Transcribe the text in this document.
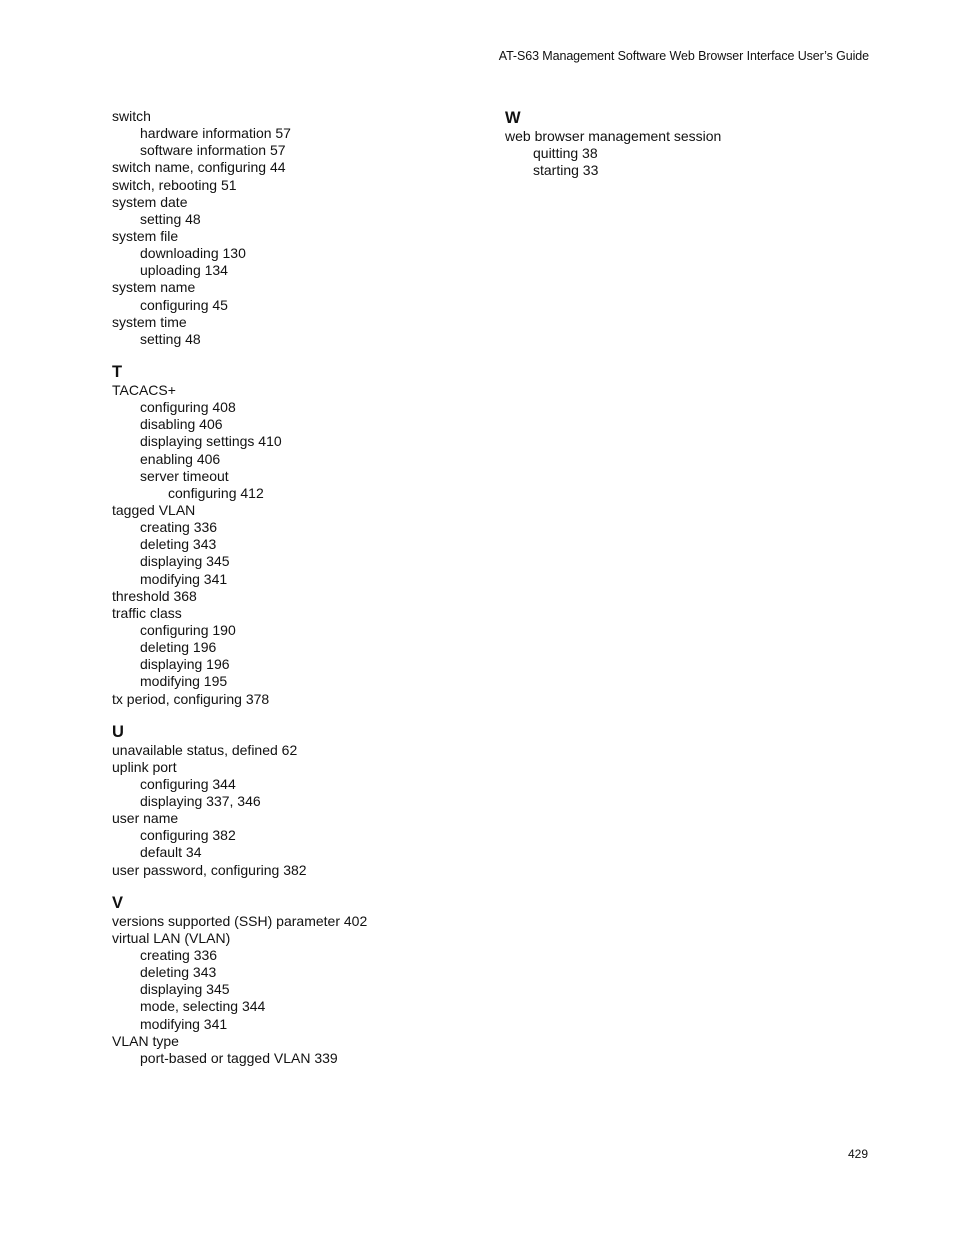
AT-S63 Management Software Web Browser Interface User’s Guide
switch
hardware information 57
software information 57
switch name, configuring 44
switch, rebooting 51
system date
setting 48
system file
downloading 130
uploading 134
system name
configuring 45
system time
setting 48
T
TACACS+
configuring 408
disabling 406
displaying settings 410
enabling 406
server timeout
configuring 412
tagged VLAN
creating 336
deleting 343
displaying 345
modifying 341
threshold 368
traffic class
configuring 190
deleting 196
displaying 196
modifying 195
tx period, configuring 378
U
unavailable status, defined 62
uplink port
configuring 344
displaying 337, 346
user name
configuring 382
default 34
user password, configuring 382
V
versions supported (SSH) parameter 402
virtual LAN (VLAN)
creating 336
deleting 343
displaying 345
mode, selecting 344
modifying 341
VLAN type
port-based or tagged VLAN 339
W
web browser management session
quitting 38
starting 33
429
